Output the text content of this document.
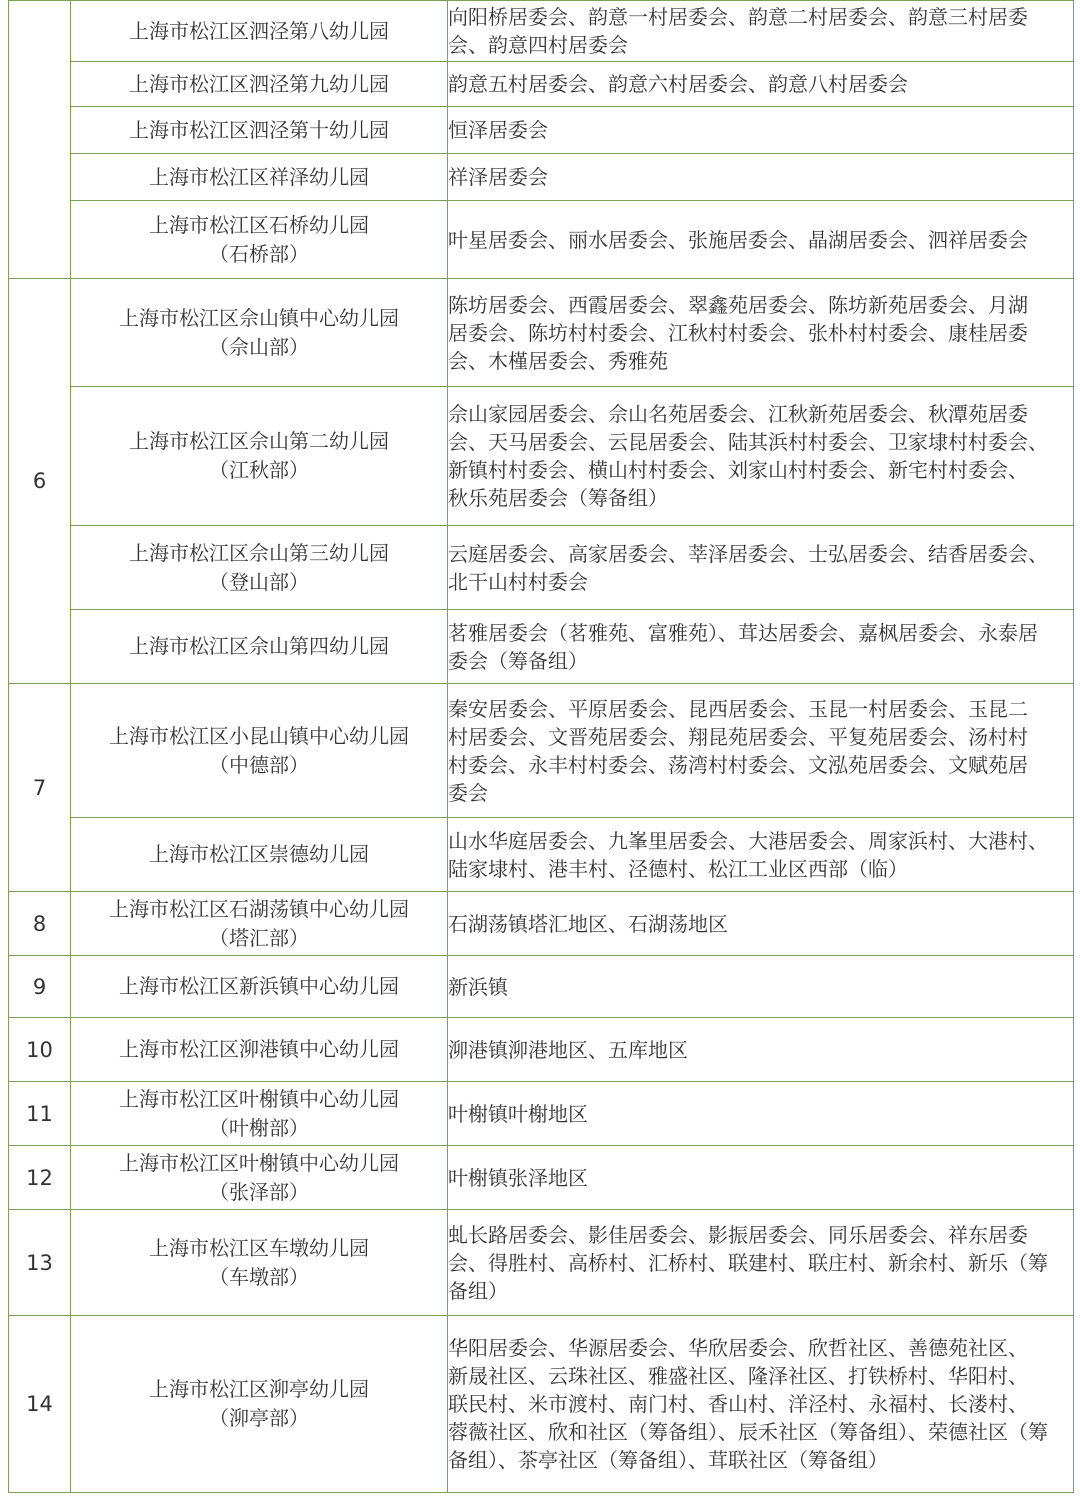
	上海市松江区泗泾第八幼儿园	向阳桥居委会、韵意一村居委会、韵意二村居委会、韵意三村居委
会、韵意四村居委会

	上海市松江区泗泾第九幼儿园	韵意五村居委会、韵意六村居委会、韵意八村居委会

	上海市松江区泗泾第十幼儿园	恒泽居委会

	上海市松江区祥泽幼儿园	祥泽居委会

	上海市松江区石桥幼儿园
（石桥部）	叶星居委会、丽水居委会、张施居委会、晶湖居委会、泗祥居委会

6	上海市松江区佘山镇中心幼儿园
（佘山部）	陈坊居委会、西霞居委会、翠鑫苑居委会、陈坊新苑居委会、月湖
居委会、陈坊村村委会、江秋村村委会、张朴村村委会、康桂居委
会、木槿居委会、秀雅苑

	上海市松江区佘山第二幼儿园
（江秋部）	佘山家园居委会、佘山名苑居委会、江秋新苑居委会、秋潭苑居委
会、天马居委会、云昆居委会、陆其浜村村委会、卫家埭村村委会、
新镇村村委会、横山村村委会、刘家山村村委会、新宅村村委会、
秋乐苑居委会（筹备组）

	上海市松江区佘山第三幼儿园
（登山部）	云庭居委会、高家居委会、莘泽居委会、士弘居委会、结香居委会、
北干山村村委会

	上海市松江区佘山第四幼儿园	茗雅居委会（茗雅苑、富雅苑）、茸达居委会、嘉枫居委会、永泰居
委会（筹备组）

7	上海市松江区小昆山镇中心幼儿园
（中德部）	秦安居委会、平原居委会、昆西居委会、玉昆一村居委会、玉昆二
村居委会、文晋苑居委会、翔昆苑居委会、平复苑居委会、汤村村
村委会、永丰村村委会、荡湾村村委会、文泓苑居委会、文赋苑居
委会

	上海市松江区崇德幼儿园	山水华庭居委会、九峯里居委会、大港居委会、周家浜村、大港村、
陆家埭村、港丰村、泾德村、松江工业区西部（临）

8	上海市松江区石湖荡镇中心幼儿园
（塔汇部）	石湖荡镇塔汇地区、石湖荡地区

9	上海市松江区新浜镇中心幼儿园	新浜镇

10	上海市松江区泖港镇中心幼儿园	泖港镇泖港地区、五库地区

11	上海市松江区叶榭镇中心幼儿园
（叶榭部）	叶榭镇叶榭地区

12	上海市松江区叶榭镇中心幼儿园
（张泽部）	叶榭镇张泽地区

13	上海市松江区车墩幼儿园
（车墩部）	虬长路居委会、影佳居委会、影振居委会、同乐居委会、祥东居委
会、得胜村、高桥村、汇桥村、联建村、联庄村、新余村、新乐（筹
备组）

14	上海市松江区泖亭幼儿园
（泖亭部）	华阳居委会、华源居委会、华欣居委会、欣哲社区、善德苑社区、
新晟社区、云珠社区、雅盛社区、隆泽社区、打铁桥村、华阳村、
联民村、米市渡村、南门村、香山村、洋泾村、永福村、长溇村、
蓉薇社区、欣和社区（筹备组）、辰禾社区（筹备组）、荣德社区（筹
备组）、茶亭社区（筹备组）、茸联社区（筹备组）
